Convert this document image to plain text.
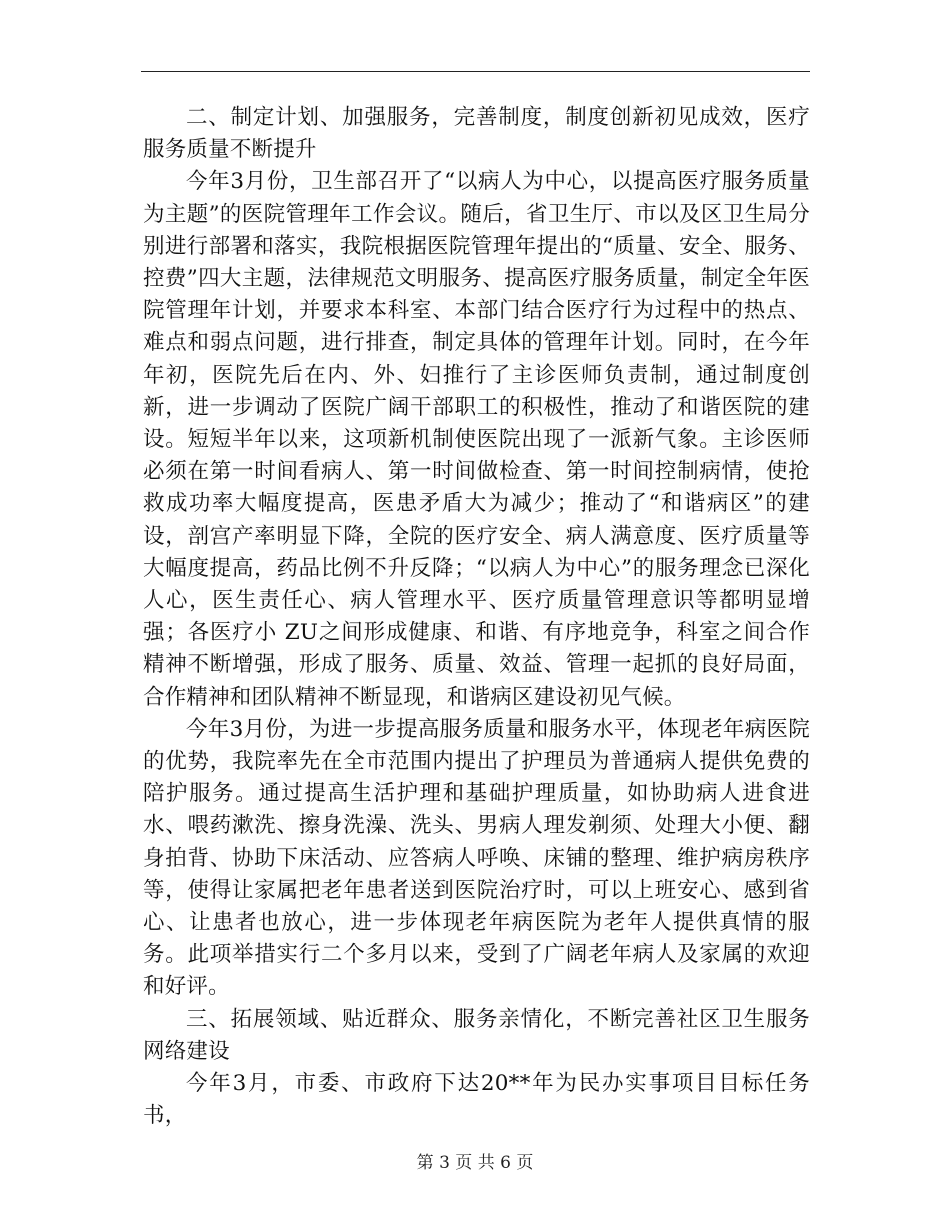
二、制定计划、加强服务，完善制度，制度创新初见成效，医疗服务质量不断提升

今年3月份，卫生部召开了“以病人为中心，以提高医疗服务质量为主题”的医院管理年工作会议。随后，省卫生厅、市以及区卫生局分别进行部署和落实，我院根据医院管理年提出的“质量、安全、服务、控费”四大主题，法律规范文明服务、提高医疗服务质量，制定全年医院管理年计划，并要求本科室、本部门结合医疗行为过程中的热点、难点和弱点问题，进行排查，制定具体的管理年计划。同时，在今年年初，医院先后在内、外、妇推行了主诊医师负责制，通过制度创新，进一步调动了医院广阔干部职工的积极性，推动了和谐医院的建设。短短半年以来，这项新机制使医院出现了一派新气象。主诊医师必须在第一时间看病人、第一时间做检查、第一时间控制病情，使抢救成功率大幅度提高，医患矛盾大为减少；推动了“和谐病区”的建设，剖宫产率明显下降，全院的医疗安全、病人满意度、医疗质量等大幅度提高，药品比例不升反降；“以病人为中心”的服务理念已深化人心，医生责任心、病人管理水平、医疗质量管理意识等都明显增强；各医疗小 ZU之间形成健康、和谐、有序地竞争，科室之间合作精神不断增强，形成了服务、质量、效益、管理一起抓的良好局面，合作精神和团队精神不断显现，和谐病区建设初见气候。

今年3月份，为进一步提高服务质量和服务水平，体现老年病医院的优势，我院率先在全市范围内提出了护理员为普通病人提供免费的陪护服务。通过提高生活护理和基础护理质量，如协助病人进食进水、喂药漱洗、擦身洗澡、洗头、男病人理发剃须、处理大小便、翻身拍背、协助下床活动、应答病人呼唤、床铺的整理、维护病房秩序等，使得让家属把老年患者送到医院治疗时，可以上班安心、感到省心、让患者也放心，进一步体现老年病医院为老年人提供真情的服务。此项举措实行二个多月以来，受到了广阔老年病人及家属的欢迎和好评。

三、拓展领域、贴近群众、服务亲情化，不断完善社区卫生服务网络建设

今年3月，市委、市政府下达20**年为民办实事项目目标任务书，

第 3 页 共 6 页
